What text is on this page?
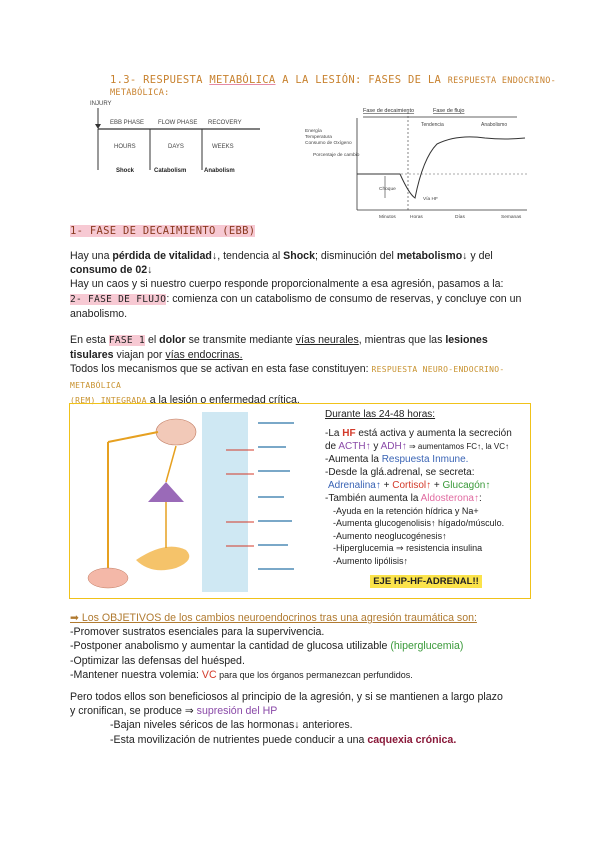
1.3- RESPUESTA METABÓLICA A LA LESIÓN: FASES DE LA RESPUESTA ENDOCRINO-METABÓLICA:
INJURY
EBB PHASE FLOW PHASE RECOVERY
HOURS	DAYS	WEEKS
Shock	Catabolism	Anabolism
Fase de decaimiento	Fase de flujo
Tendencia	Anabolismo
Energía
Temperatura
Consumo de Oxígeno
Porcentaje de cambio
Choque
Vía HF
Minutos	Horas	Días	Semanas
1- FASE DE DECAIMIENTO (EBB)
Hay una pérdida de vitalidad↓, tendencia al Shock; disminución del metabolismo↓ y del
consumo de 02↓
Hay un caos y si nuestro cuerpo responde proporcionalmente a esa agresión, pasamos a la:
2- FASE DE FLUJO: comienza con un catabolismo de consumo de reservas, y concluye con un
anabolismo.
En esta FASE 1 el dolor se transmite mediante vías neurales, mientras que las lesiones
tisulares viajan por vías endocrinas.
Todos los mecanismos que se activan en esta fase constituyen: RESPUESTA NEURO-ENDOCRINO-METABÓLICA
(REM) INTEGRADA a la lesión o enfermedad crítica.
Durante las 24-48 horas:
-La HF está activa y aumenta la secreción
de ACTH↑ y ADH↑ ⇒ aumentamos FC↑, la VC↑
-Aumenta la Respuesta Inmune.
-Desde la glá.adrenal, se secreta:
Adrenalina↑ + Cortisol↑ + Glucagón↑
-También aumenta la Aldosterona↑:
-Ayuda en la retención hídrica y Na+
-Aumenta glucogenolisis↑ hígado/músculo.
-Aumento neoglucogénesis↑
-Hiperglucemia ⇒ resistencia insulina
-Aumento lipólisis↑
EJE HP-HF-ADRENAL!!
➡ Los OBJETIVOS de los cambios neuroendocrinos tras una agresión traumática son:
-Promover sustratos esenciales para la supervivencia.
-Postponer anabolismo y aumentar la cantidad de glucosa utilizable (hiperglucemia)
-Optimizar las defensas del huésped.
-Mantener nuestra volemia: VC para que los órganos permanezcan perfundidos.
Pero todos ellos son beneficiosos al principio de la agresión, y si se mantienen a largo plazo
y cronifican, se produce ⇒ supresión del HP
-Bajan niveles séricos de las hormonas↓ anteriores.
-Esta movilización de nutrientes puede conducir a una caquexia crónica.
